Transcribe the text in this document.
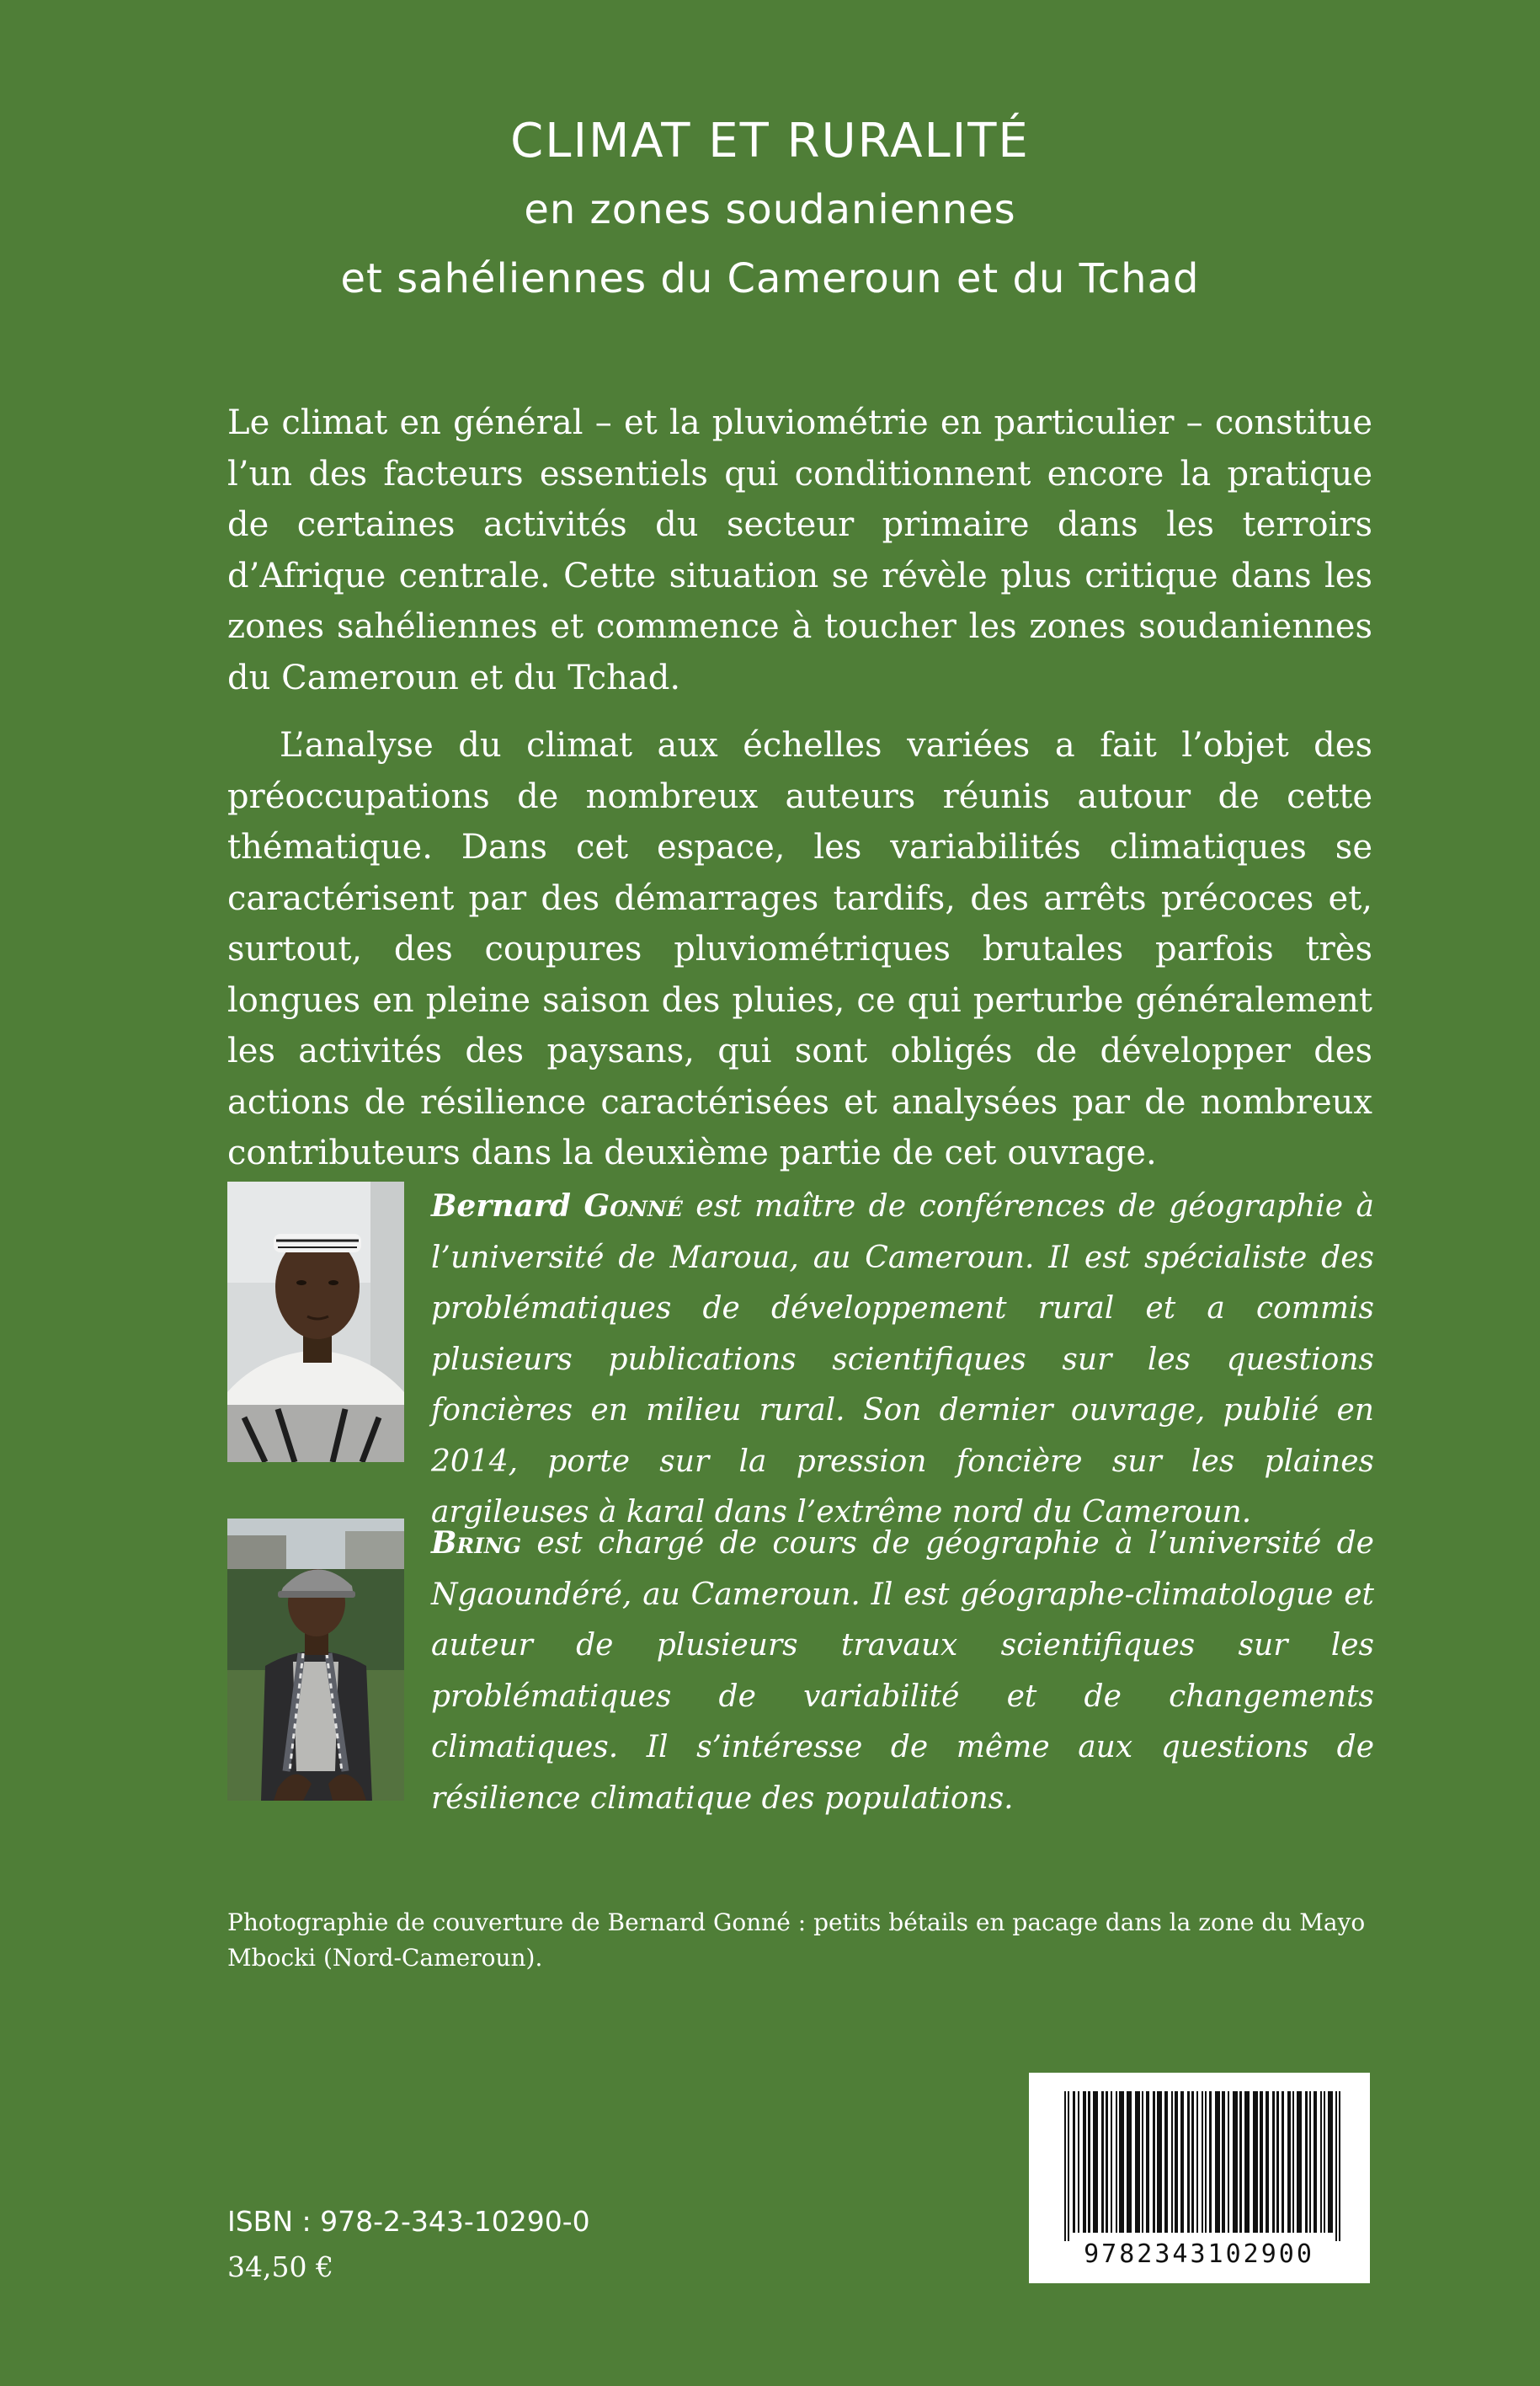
CLIMAT ET RURALITÉ
en zones soudaniennes
et sahéliennes du Cameroun et du Tchad

Le climat en général – et la pluviométrie en particulier – constitue l’un des facteurs essentiels qui conditionnent encore la pratique de certaines activités du secteur primaire dans les terroirs d’Afrique centrale. Cette situation se révèle plus critique dans les zones sahéliennes et commence à toucher les zones soudaniennes du Cameroun et du Tchad.

L’analyse du climat aux échelles variées a fait l’objet des préoccupations de nombreux auteurs réunis autour de cette thématique. Dans cet espace, les variabilités climatiques se caractérisent par des démarrages tardifs, des arrêts précoces et, surtout, des coupures pluviométriques brutales parfois très longues en pleine saison des pluies, ce qui perturbe généralement les activités des paysans, qui sont obligés de développer des actions de résilience caractérisées et analysées par de nombreux contributeurs dans la deuxième partie de cet ouvrage.

Bernard Gonné est maître de conférences de géographie à l’université de Maroua, au Cameroun. Il est spécialiste des problématiques de développement rural et a commis plusieurs publications scientifiques sur les questions foncières en milieu rural. Son dernier ouvrage, publié en 2014, porte sur la pression foncière sur les plaines argileuses à karal dans l’extrême nord du Cameroun.
Bring est chargé de cours de géographie à l’université de Ngaoundéré, au Cameroun. Il est géographe-climatologue et auteur de plusieurs travaux scientifiques sur les problématiques de variabilité et de changements climatiques. Il s’intéresse de même aux questions de résilience climatique des populations.
Photographie de couverture de Bernard Gonné : petits bétails en pacage dans la zone du Mayo Mbocki (Nord-Cameroun).
9782343102900
ISBN : 978-2-343-10290-0
34,50 €
